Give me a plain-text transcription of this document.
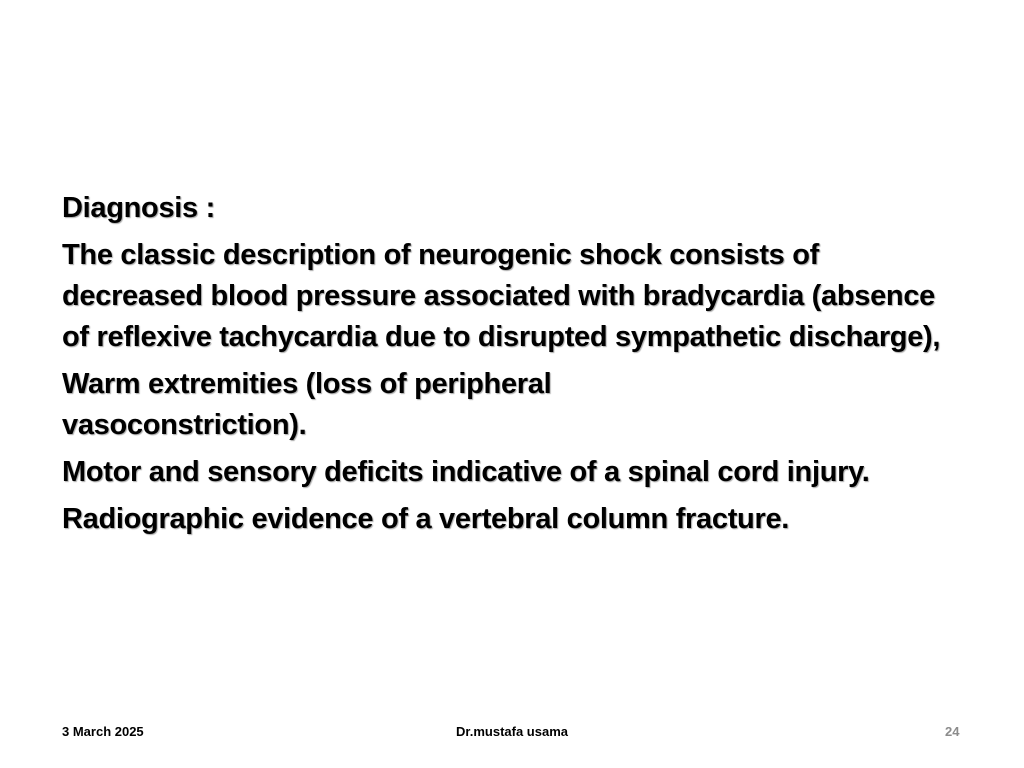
Diagnosis :

The classic description of neurogenic shock consists of decreased blood pressure associated with bradycardia (absence of reflexive tachycardia due to disrupted sympathetic discharge),

Warm extremities (loss of peripheral vasoconstriction).

Motor and sensory deficits indicative of a spinal cord injury.

Radiographic evidence of a vertebral column fracture.

3 March 2025	Dr.mustafa usama	24
